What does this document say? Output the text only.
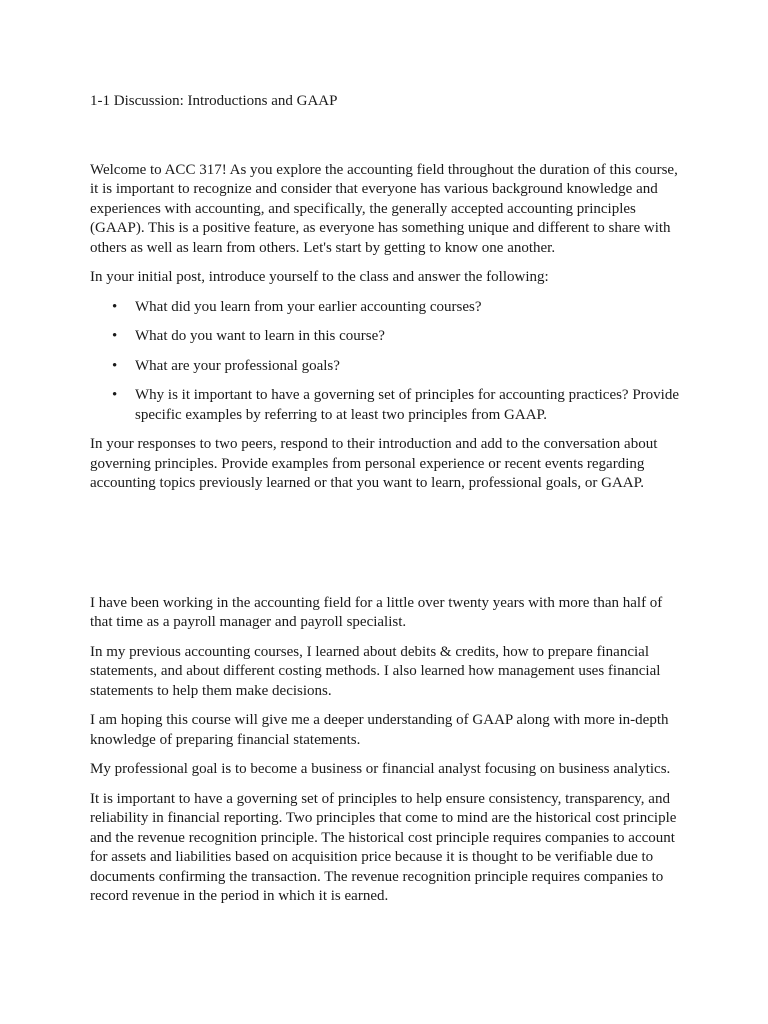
1-1 Discussion: Introductions and GAAP

Welcome to ACC 317! As you explore the accounting field throughout the duration of this course, it is important to recognize and consider that everyone has various background knowledge and experiences with accounting, and specifically, the generally accepted accounting principles (GAAP). This is a positive feature, as everyone has something unique and different to share with others as well as learn from others. Let's start by getting to know one another.

In your initial post, introduce yourself to the class and answer the following:

• What did you learn from your earlier accounting courses?
• What do you want to learn in this course?
• What are your professional goals?
• Why is it important to have a governing set of principles for accounting practices? Provide specific examples by referring to at least two principles from GAAP.

In your responses to two peers, respond to their introduction and add to the conversation about governing principles. Provide examples from personal experience or recent events regarding accounting topics previously learned or that you want to learn, professional goals, or GAAP.

I have been working in the accounting field for a little over twenty years with more than half of that time as a payroll manager and payroll specialist.

In my previous accounting courses, I learned about debits & credits, how to prepare financial statements, and about different costing methods. I also learned how management uses financial statements to help them make decisions.

I am hoping this course will give me a deeper understanding of GAAP along with more in-depth knowledge of preparing financial statements.

My professional goal is to become a business or financial analyst focusing on business analytics.

It is important to have a governing set of principles to help ensure consistency, transparency, and reliability in financial reporting. Two principles that come to mind are the historical cost principle and the revenue recognition principle. The historical cost principle requires companies to account for assets and liabilities based on acquisition price because it is thought to be verifiable due to documents confirming the transaction. The revenue recognition principle requires companies to record revenue in the period in which it is earned.
